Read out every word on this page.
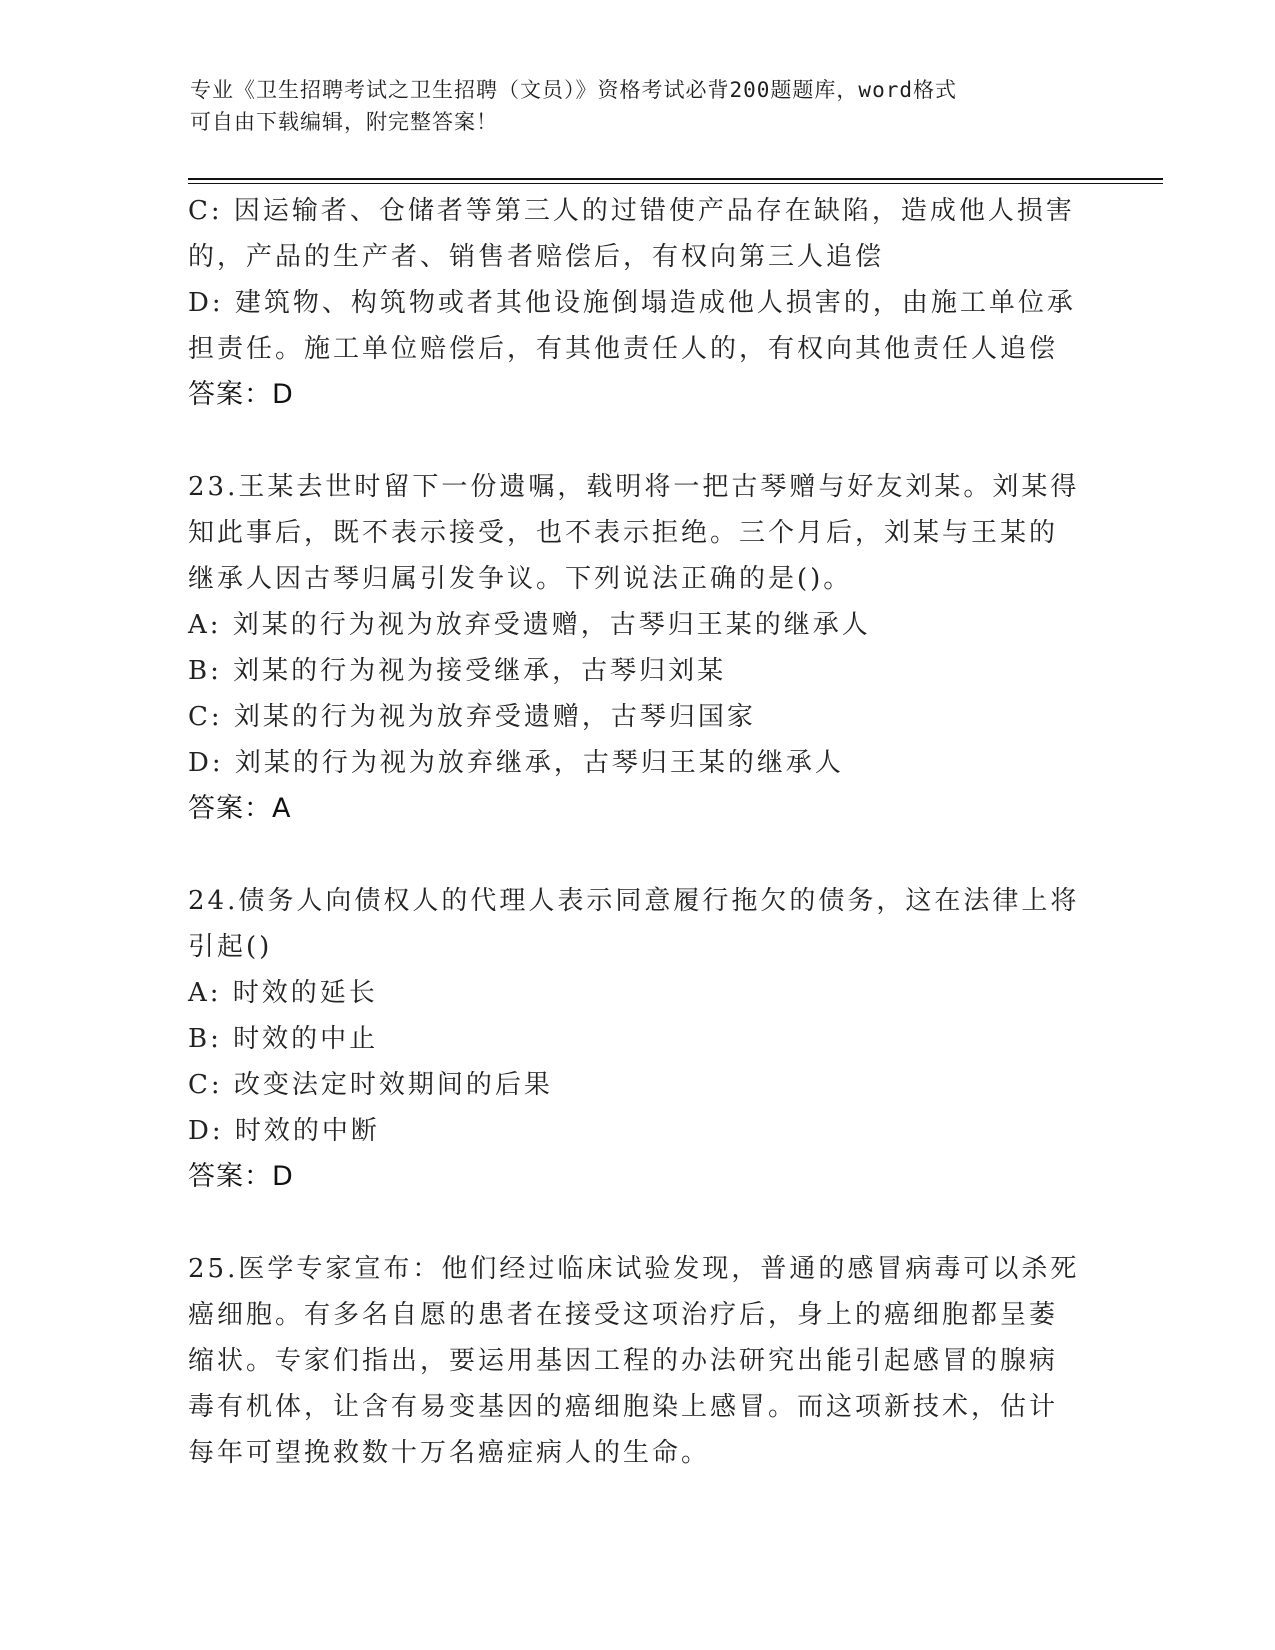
专业《卫生招聘考试之卫生招聘（文员）》资格考试必背200题题库，word格式
可自由下载编辑，附完整答案！
C: 因运输者、仓储者等第三人的过错使产品存在缺陷，造成他人损害
的，产品的生产者、销售者赔偿后，有权向第三人追偿
D: 建筑物、构筑物或者其他设施倒塌造成他人损害的，由施工单位承
担责任。施工单位赔偿后，有其他责任人的，有权向其他责任人追偿
答案：D
23.王某去世时留下一份遗嘱，载明将一把古琴赠与好友刘某。刘某得
知此事后，既不表示接受，也不表示拒绝。三个月后，刘某与王某的
继承人因古琴归属引发争议。下列说法正确的是()。
A: 刘某的行为视为放弃受遗赠，古琴归王某的继承人
B: 刘某的行为视为接受继承，古琴归刘某
C: 刘某的行为视为放弃受遗赠，古琴归国家
D: 刘某的行为视为放弃继承，古琴归王某的继承人
答案：A
24.债务人向债权人的代理人表示同意履行拖欠的债务，这在法律上将
引起()
A: 时效的延长
B: 时效的中止
C: 改变法定时效期间的后果
D: 时效的中断
答案：D
25.医学专家宣布：他们经过临床试验发现，普通的感冒病毒可以杀死
癌细胞。有多名自愿的患者在接受这项治疗后，身上的癌细胞都呈萎
缩状。专家们指出，要运用基因工程的办法研究出能引起感冒的腺病
毒有机体，让含有易变基因的癌细胞染上感冒。而这项新技术，估计
每年可望挽救数十万名癌症病人的生命。
